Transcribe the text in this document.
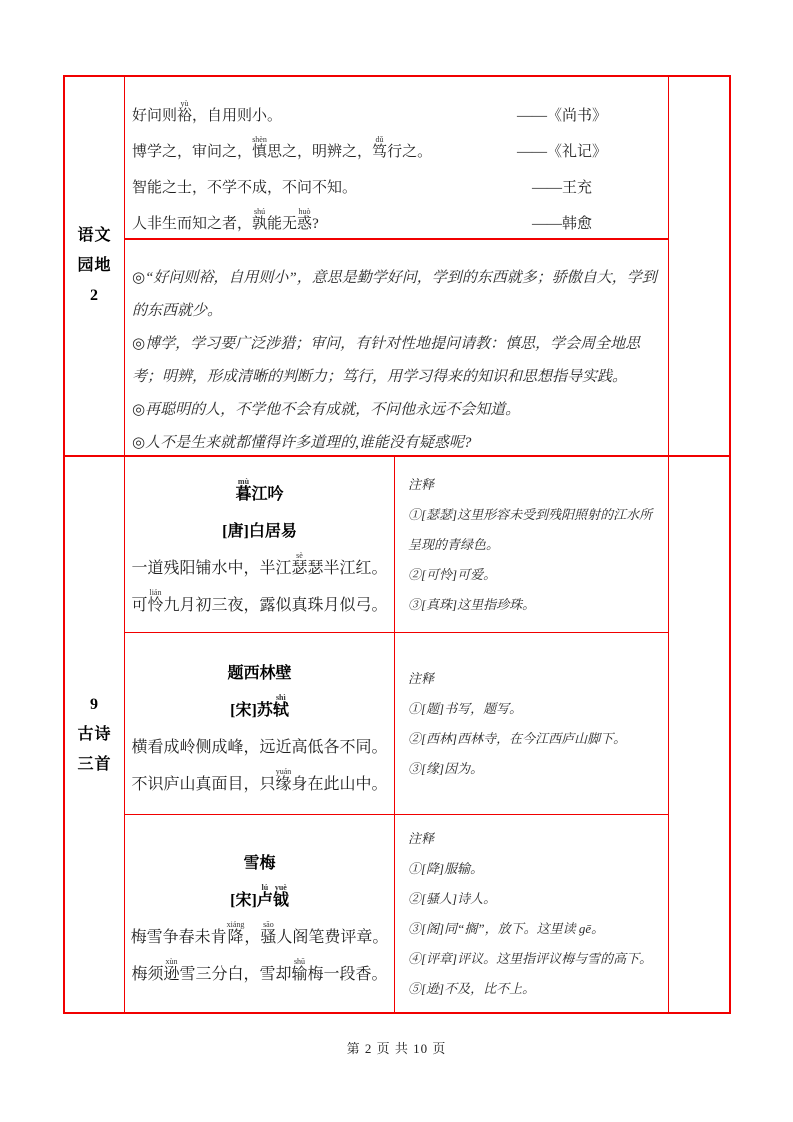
语文
园地
2
好问则裕yù，自用则小。	——《尚书》
博学之，审问之，慎shèn思之，明辨之，笃dǔ行之。	——《礼记》
智能之士，不学不成，不问不知。	——王充
人非生而知之者，孰shú能无惑huò?	——韩愈

◎“好问则裕，自用则小”，意思是勤学好问，学到的东西就多；骄傲自大，学到的东西就少。

◎博学，学习要广泛涉猎；审问，有针对性地提问请教：慎思，学会周全地思考；明辨，形成清晰的判断力；笃行，用学习得来的知识和思想指导实践。

◎再聪明的人，不学他不会有成就，不问他永远不会知道。

◎人不是生来就都懂得许多道理的,谁能没有疑惑呢?

9
古诗
三首
暮mù
江吟
[唐]白居易
一道残阳铺水中，半江 瑟sè
瑟半江红。
可 怜lián
九月初三夜，露似真珠月似弓。
注释
①[瑟瑟]这里形容未受到残阳照射的江水所呈现的青绿色。
②[可怜]可爱。
③[真珠]这里指珍珠。
题西林壁
[宋]苏 轼shì
横看成岭侧成峰，远近高低各不同。
不识庐山真面目，只 缘yuán
身在此山中。
注释
①[题]书写，题写。
②[西林]西林寺，在今江西庐山脚下。
③[缘]因为。
雪梅
[宋] 卢lú
钺yuè
梅雪争春未肯 降xiáng
， 骚sāo
人阁笔费评章。
梅须 逊xùn
雪三分白，雪却 输shū
梅一段香。
注释
①[降]服输。
②[骚人]诗人。
③[阁]同“搁”，放下。这里读 gē。
④[评章]评议。这里指评议梅与雪的高下。
⑤[逊]不及，比不上。
第 2 页 共 10 页
